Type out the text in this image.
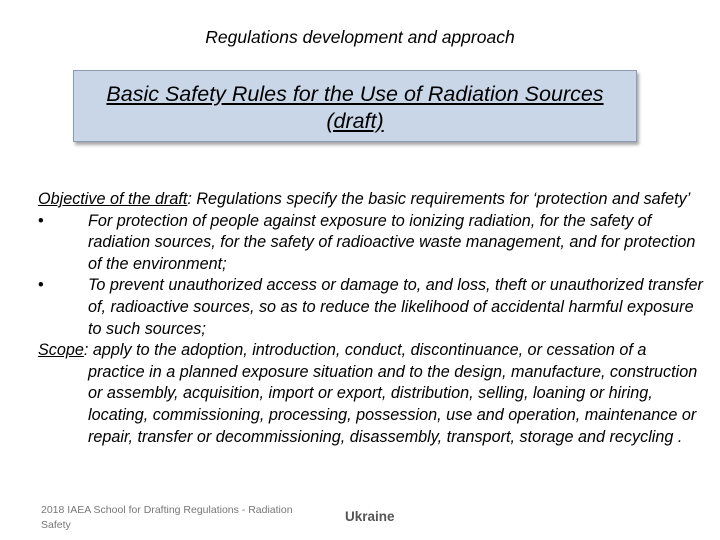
Regulations development and approach
Basic Safety Rules for the Use of Radiation Sources (draft)
Objective of the draft: Regulations specify the basic requirements for ‘protection and safety’
•	For protection of people against exposure to ionizing radiation, for the safety of radiation sources, for the safety of radioactive waste management, and for protection of the environment;
•	To prevent unauthorized access or damage to, and loss, theft or unauthorized transfer of, radioactive sources, so as to reduce the likelihood of accidental harmful exposure to such sources;
Scope: apply to the adoption, introduction, conduct, discontinuance, or cessation of a practice in a planned exposure situation and to the design, manufacture, construction or assembly, acquisition, import or export, distribution, selling, loaning or hiring, locating, commissioning, processing, possession, use and operation, maintenance or repair, transfer or decommissioning, disassembly, transport, storage and recycling .
2018 IAEA School for Drafting Regulations - Radiation Safety
Ukraine
